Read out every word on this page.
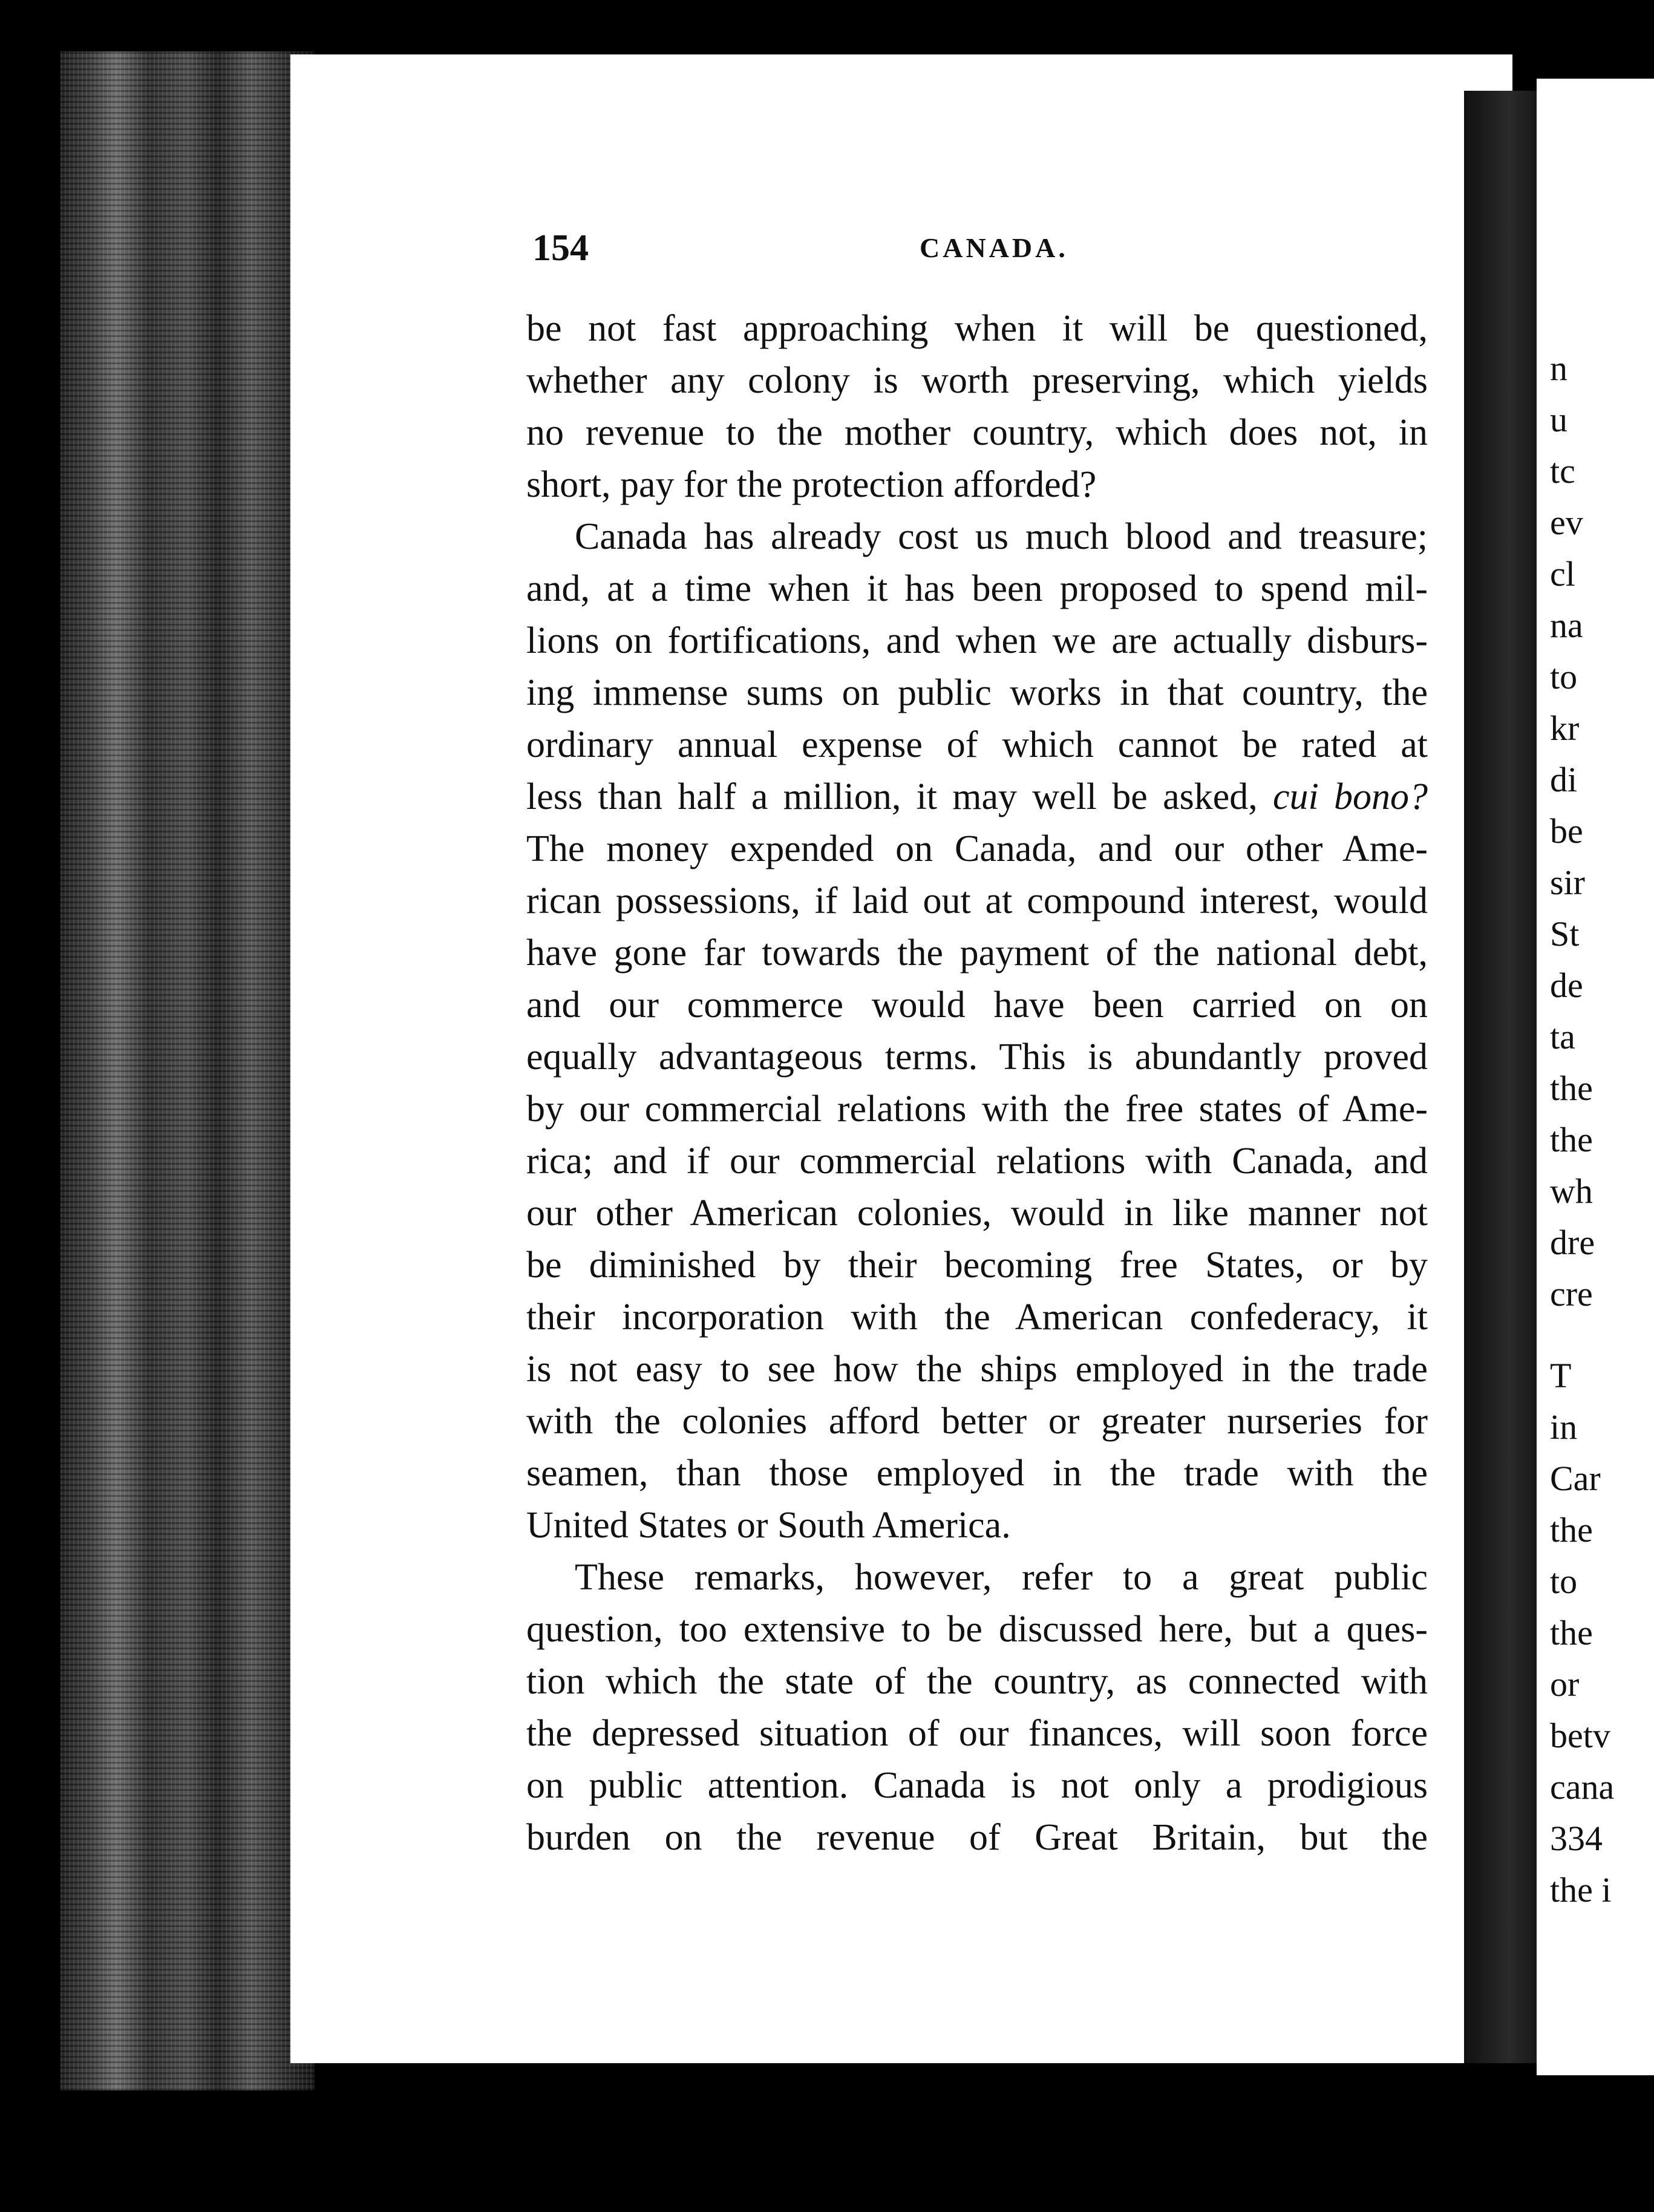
n
u
tc
ev
cl
na
to
kr
di
be
sir
St
de
ta
the
the
wh
dre
cre
T
in
Car
the
to
the
or
betv
cana
334
the i
154	CANADA.
be not fast approaching when it will be questioned,
whether any colony is worth preserving, which yields
no revenue to the mother country, which does not, in
short, pay for the protection afforded?
Canada has already cost us much blood and treasure;
and, at a time when it has been proposed to spend mil-
lions on fortifications, and when we are actually disburs-
ing immense sums on public works in that country, the
ordinary annual expense of which cannot be rated at
less than half a million, it may well be asked, cui bono?
The money expended on Canada, and our other Ame-
rican possessions, if laid out at compound interest, would
have gone far towards the payment of the national debt,
and our commerce would have been carried on on
equally advantageous terms. This is abundantly proved
by our commercial relations with the free states of Ame-
rica; and if our commercial relations with Canada, and
our other American colonies, would in like manner not
be diminished by their becoming free States, or by
their incorporation with the American confederacy, it
is not easy to see how the ships employed in the trade
with the colonies afford better or greater nurseries for
seamen, than those employed in the trade with the
United States or South America.
These remarks, however, refer to a great public
question, too extensive to be discussed here, but a ques-
tion which the state of the country, as connected with
the depressed situation of our finances, will soon force
on public attention. Canada is not only a prodigious
burden on the revenue of Great Britain, but the
